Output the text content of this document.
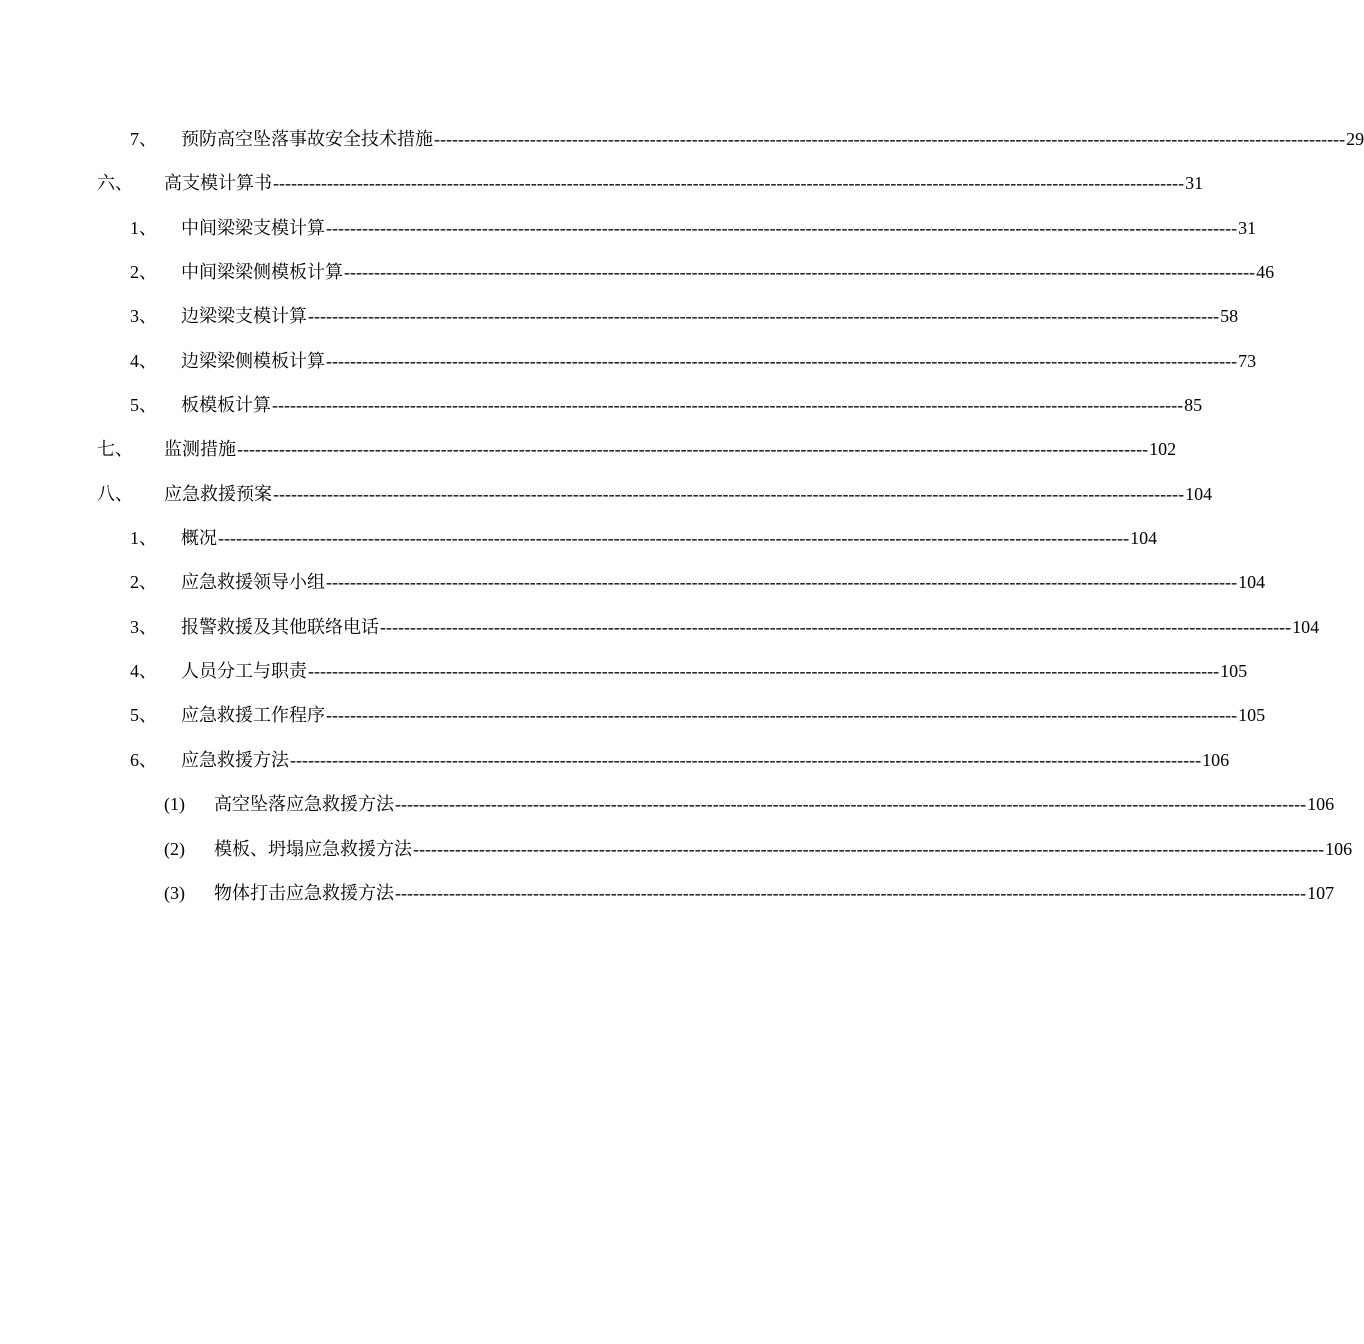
7、 预防高空坠落事故安全技术措施 -------------------------------------------------------------------------------------------------------------------------------------------------------- 29
六、 高支模计算书 -------------------------------------------------------------------------------------------------------------------------------------------------------- 31
1、 中间梁梁支模计算 -------------------------------------------------------------------------------------------------------------------------------------------------------- 31
2、 中间梁梁侧模板计算 -------------------------------------------------------------------------------------------------------------------------------------------------------- 46
3、 边梁梁支模计算 -------------------------------------------------------------------------------------------------------------------------------------------------------- 58
4、 边梁梁侧模板计算 -------------------------------------------------------------------------------------------------------------------------------------------------------- 73
5、 板模板计算 -------------------------------------------------------------------------------------------------------------------------------------------------------- 85
七、 监测措施 -------------------------------------------------------------------------------------------------------------------------------------------------------- 102
八、 应急救援预案 -------------------------------------------------------------------------------------------------------------------------------------------------------- 104
1、 概况 -------------------------------------------------------------------------------------------------------------------------------------------------------- 104
2、 应急救援领导小组 -------------------------------------------------------------------------------------------------------------------------------------------------------- 104
3、 报警救援及其他联络电话 -------------------------------------------------------------------------------------------------------------------------------------------------------- 104
4、 人员分工与职责 -------------------------------------------------------------------------------------------------------------------------------------------------------- 105
5、 应急救援工作程序 -------------------------------------------------------------------------------------------------------------------------------------------------------- 105
6、 应急救援方法 -------------------------------------------------------------------------------------------------------------------------------------------------------- 106
(1) 高空坠落应急救援方法 -------------------------------------------------------------------------------------------------------------------------------------------------------- 106
(2) 模板、坍塌应急救援方法 -------------------------------------------------------------------------------------------------------------------------------------------------------- 106
(3) 物体打击应急救援方法 -------------------------------------------------------------------------------------------------------------------------------------------------------- 107
